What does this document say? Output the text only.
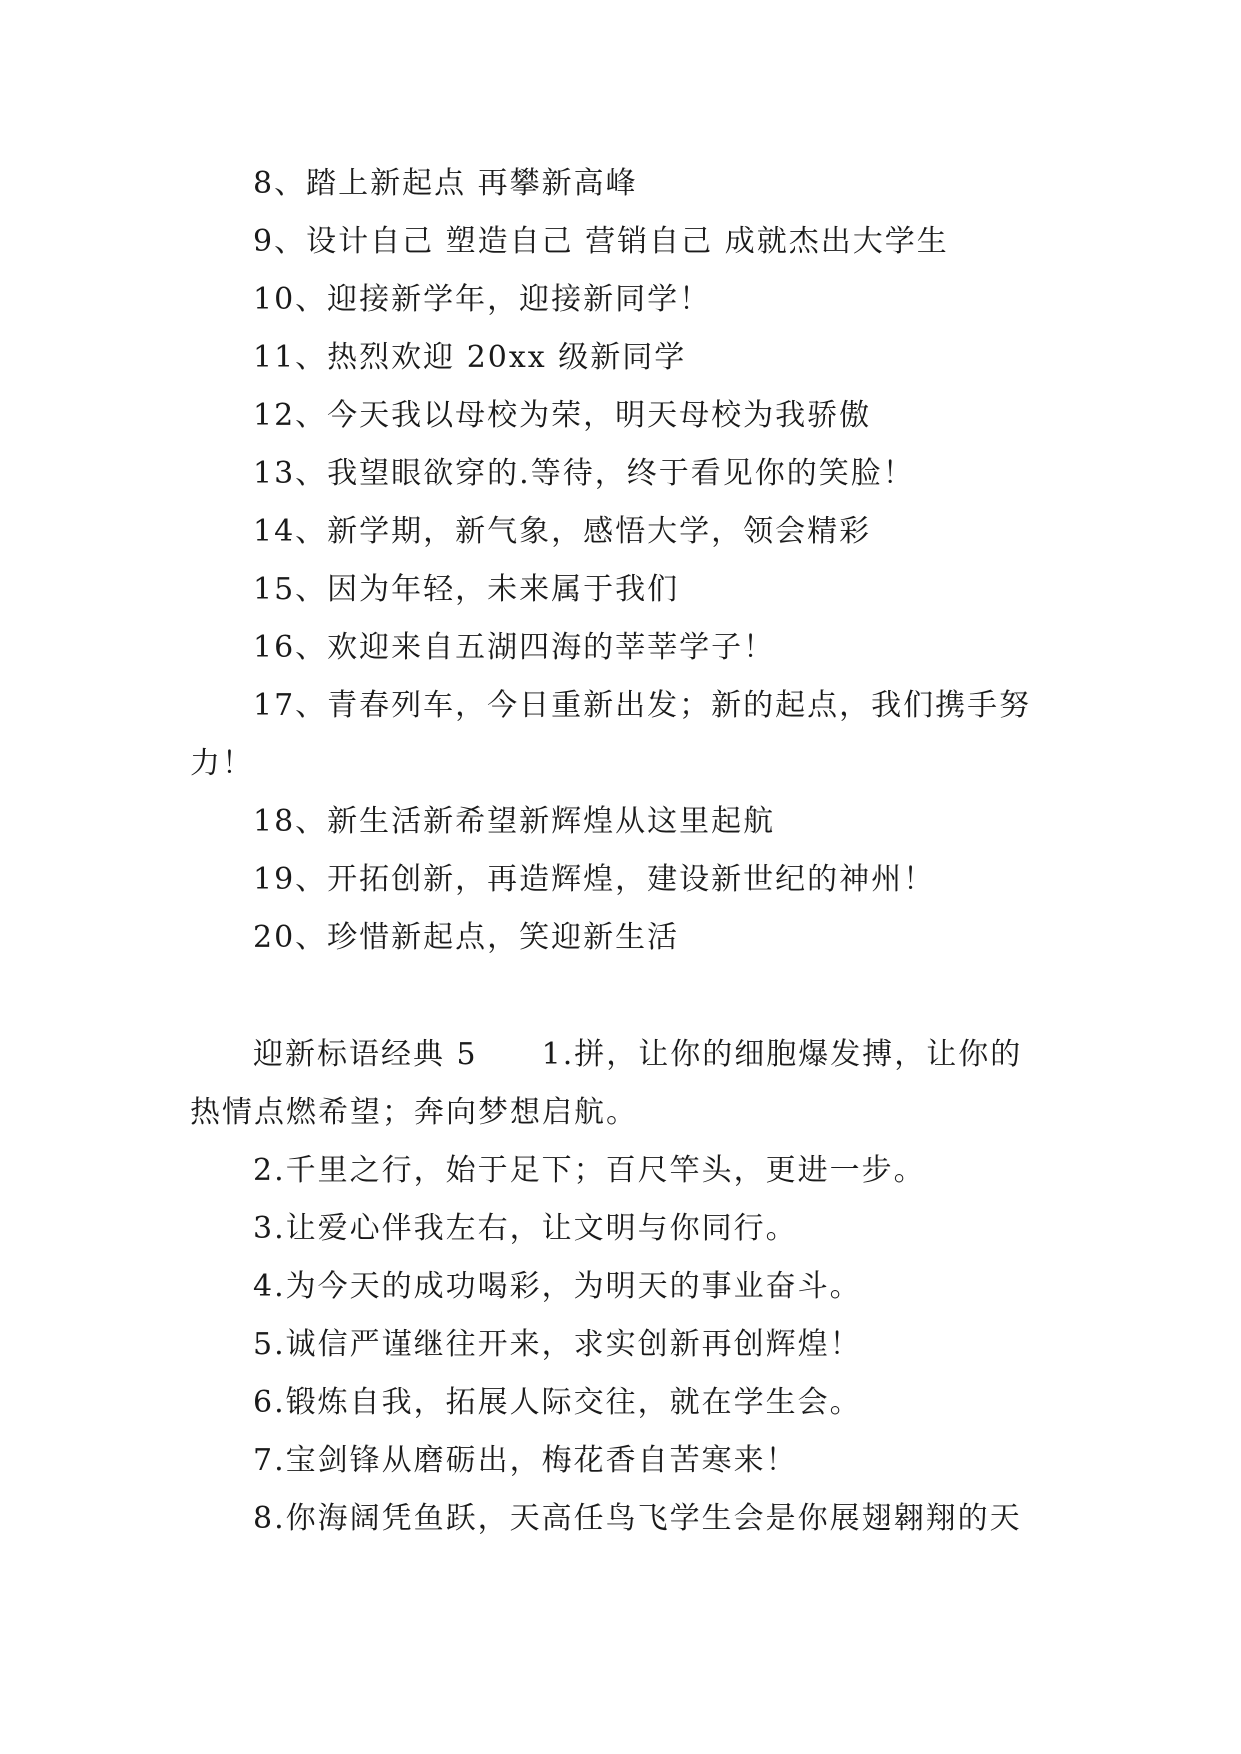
8、踏上新起点 再攀新高峰
9、设计自己 塑造自己 营销自己 成就杰出大学生
10、迎接新学年，迎接新同学！
11、热烈欢迎 20xx 级新同学
12、今天我以母校为荣，明天母校为我骄傲
13、我望眼欲穿的.等待，终于看见你的笑脸！
14、新学期，新气象，感悟大学，领会精彩
15、因为年轻，未来属于我们
16、欢迎来自五湖四海的莘莘学子！
17、青春列车，今日重新出发；新的起点，我们携手努
力！
18、新生活新希望新辉煌从这里起航
19、开拓创新，再造辉煌，建设新世纪的神州！
20、珍惜新起点，笑迎新生活
迎新标语经典 5 1.拼，让你的细胞爆发搏，让你的
热情点燃希望；奔向梦想启航。
2.千里之行，始于足下；百尺竿头，更进一步。
3.让爱心伴我左右，让文明与你同行。
4.为今天的成功喝彩，为明天的事业奋斗。
5.诚信严谨继往开来，求实创新再创辉煌！
6.锻炼自我，拓展人际交往，就在学生会。
7.宝剑锋从磨砺出，梅花香自苦寒来！
8.你海阔凭鱼跃，天高任鸟飞学生会是你展翅翱翔的天
